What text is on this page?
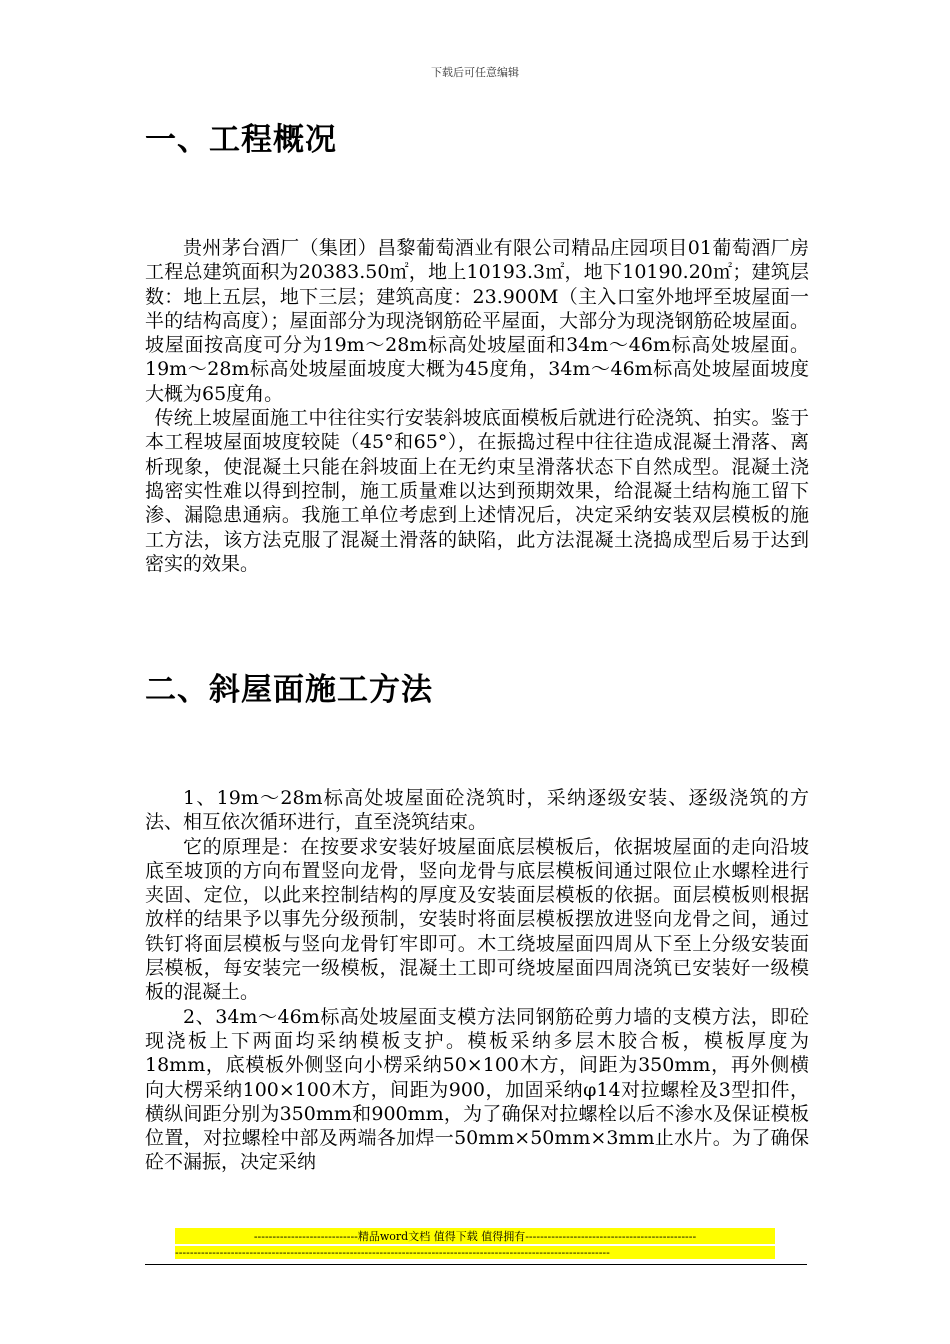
下载后可任意编辑
一、工程概况

贵州茅台酒厂（集团）昌黎葡萄酒业有限公司精品庄园项目01葡萄酒厂房工程总建筑面积为20383.50㎡，地上10193.3㎡，地下10190.20㎡；建筑层数：地上五层，地下三层；建筑高度：23.900M（主入口室外地坪至坡屋面一半的结构高度）；屋面部分为现浇钢筋砼平屋面，大部分为现浇钢筋砼坡屋面。坡屋面按高度可分为19m～28m标高处坡屋面和34m～46m标高处坡屋面。19m～28m标高处坡屋面坡度大概为45度角，34m～46m标高处坡屋面坡度大概为65度角。

传统上坡屋面施工中往往实行安装斜坡底面模板后就进行砼浇筑、拍实。鉴于本工程坡屋面坡度较陡（45°和65°），在振捣过程中往往造成混凝土滑落、离析现象，使混凝土只能在斜坡面上在无约束呈滑落状态下自然成型。混凝土浇捣密实性难以得到控制，施工质量难以达到预期效果，给混凝土结构施工留下渗、漏隐患通病。我施工单位考虑到上述情况后，决定采纳安装双层模板的施工方法，该方法克服了混凝土滑落的缺陷，此方法混凝土浇捣成型后易于达到密实的效果。

二、斜屋面施工方法

1、19m～28m标高处坡屋面砼浇筑时，采纳逐级安装、逐级浇筑的方法、相互依次循环进行，直至浇筑结束。

它的原理是：在按要求安装好坡屋面底层模板后，依据坡屋面的走向沿坡底至坡顶的方向布置竖向龙骨，竖向龙骨与底层模板间通过限位止水螺栓进行夹固、定位，以此来控制结构的厚度及安装面层模板的依据。面层模板则根据放样的结果予以事先分级预制，安装时将面层模板摆放进竖向龙骨之间，通过铁钉将面层模板与竖向龙骨钉牢即可。木工绕坡屋面四周从下至上分级安装面层模板，每安装完一级模板，混凝土工即可绕坡屋面四周浇筑已安装好一级模板的混凝土。

2、34m～46m标高处坡屋面支模方法同钢筋砼剪力墙的支模方法，即砼现浇板上下两面均采纳模板支护。模板采纳多层木胶合板，模板厚度为18mm，底模板外侧竖向小楞采纳50×100木方，间距为350mm，再外侧横向大楞采纳100×100木方，间距为900，加固采纳φ14对拉螺栓及3型扣件，横纵间距分别为350mm和900mm，为了确保对拉螺栓以后不渗水及保证模板位置，对拉螺栓中部及两端各加焊一50mm×50mm×3mm止水片。为了确保砼不漏振，决定采纳

----------------------------精品word文档 值得下载 值得拥有----------------------------------------------
---------------------------------------------------------------------------------------------------------------------
